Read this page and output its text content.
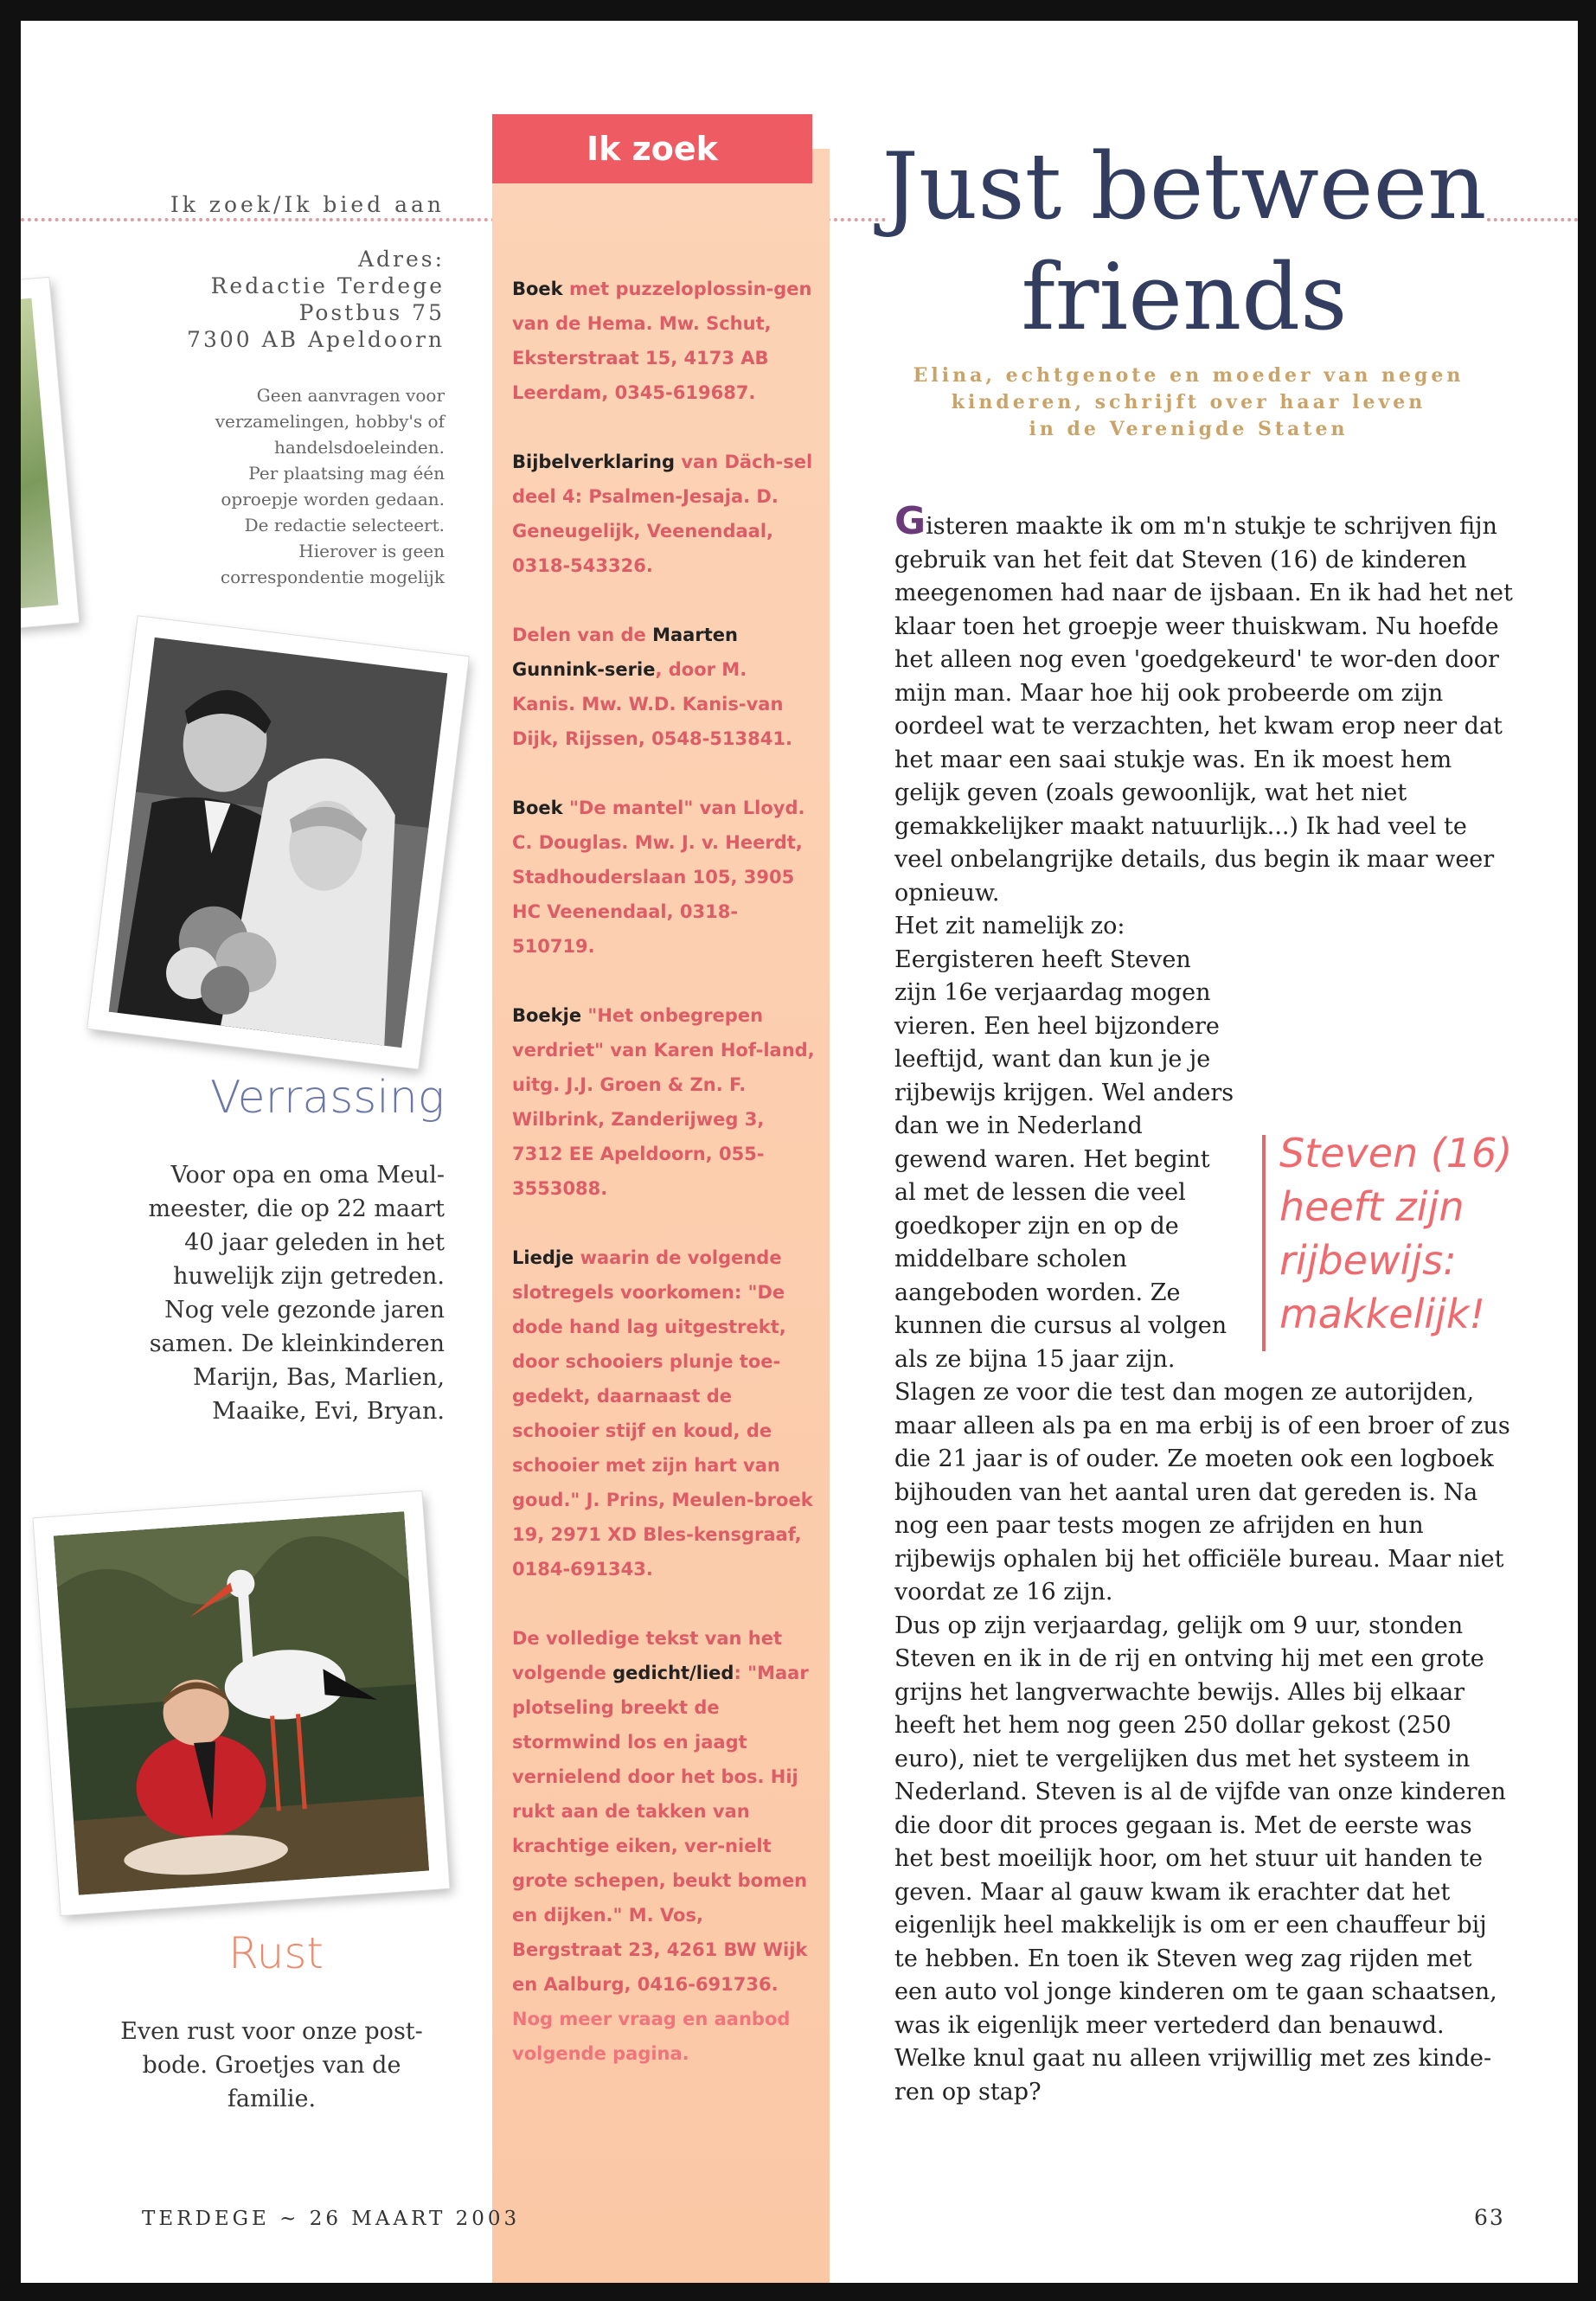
Ik zoek/Ik bied aan
Adres:
Redactie Terdege
Postbus 75
7300 AB Apeldoorn
Geen aanvragen voor
verzamelingen, hobby's of
handelsdoeleinden.
Per plaatsing mag één
oproepje worden gedaan.
De redactie selecteert.
Hierover is geen
correspondentie mogelijk
Verrassing
Voor opa en oma Meul-
meester, die op 22 maart
40 jaar geleden in het
huwelijk zijn getreden.
Nog vele gezonde jaren
samen. De kleinkinderen
Marijn, Bas, Marlien,
Maaike, Evi, Bryan.
Rust
Even rust voor onze post-
bode. Groetjes van de
familie.
Ik zoek
Boek met puzzeloplossin-gen van de Hema. Mw. Schut, Eksterstraat 15, 4173 AB Leerdam, 0345-619687.
Bijbelverklaring van Däch-sel deel 4: Psalmen-Jesaja. D. Geneugelijk, Veenendaal, 0318-543326.
Delen van de Maarten Gunnink-serie, door M. Kanis. Mw. W.D. Kanis-van Dijk, Rijssen, 0548-513841.
Boek "De mantel" van Lloyd. C. Douglas. Mw. J. v. Heerdt, Stadhouderslaan 105, 3905 HC Veenendaal, 0318-510719.
Boekje "Het onbegrepen verdriet" van Karen Hof-land, uitg. J.J. Groen & Zn. F. Wilbrink, Zanderijweg 3, 7312 EE Apeldoorn, 055-3553088.
Liedje waarin de volgende slotregels voorkomen: "De dode hand lag uitgestrekt, door schooiers plunje toe-gedekt, daarnaast de schooier stijf en koud, de schooier met zijn hart van goud." J. Prins, Meulen-broek 19, 2971 XD Bles-kensgraaf, 0184-691343.
De volledige tekst van het volgende gedicht/lied: "Maar plotseling breekt de stormwind los en jaagt vernielend door het bos. Hij rukt aan de takken van krachtige eiken, ver-nielt grote schepen, beukt bomen en dijken." M. Vos, Bergstraat 23, 4261 BW Wijk en Aalburg, 0416-691736.
Nog meer vraag en aanbod volgende pagina.
Just between
friends
Elina, echtgenote en moeder van negen
kinderen, schrijft over haar leven
in de Verenigde Staten

Gisteren maakte ik om m'n stukje te schrijven fijn gebruik van het feit dat Steven (16) de kinderen meegenomen had naar de ijsbaan. En ik had het net klaar toen het groepje weer thuiskwam. Nu hoefde het alleen nog even 'goedgekeurd' te wor-den door mijn man. Maar hoe hij ook probeerde om zijn oordeel wat te verzachten, het kwam erop neer dat het maar een saai stukje was. En ik moest hem gelijk geven (zoals gewoonlijk, wat het niet gemakkelijker maakt natuurlijk...) Ik had veel te veel onbelangrijke details, dus begin ik maar weer opnieuw.

Steven (16)
heeft zijn
rijbewijs:
makkelijk!

Het zit namelijk zo: Eergisteren heeft Steven zijn 16e verjaardag mogen vieren. Een heel bijzondere leeftijd, want dan kun je je rijbewijs krijgen. Wel anders dan we in Nederland gewend waren. Het begint al met de lessen die veel goedkoper zijn en op de middelbare scholen aangeboden worden. Ze kunnen die cursus al volgen als ze bijna 15 jaar zijn. Slagen ze voor die test dan mogen ze autorijden, maar alleen als pa en ma erbij is of een broer of zus die 21 jaar is of ouder. Ze moeten ook een logboek bijhouden van het aantal uren dat gereden is. Na nog een paar tests mogen ze afrijden en hun rijbewijs ophalen bij het officiële bureau. Maar niet voordat ze 16 zijn.

Dus op zijn verjaardag, gelijk om 9 uur, stonden Steven en ik in de rij en ontving hij met een grote grijns het langverwachte bewijs. Alles bij elkaar heeft het hem nog geen 250 dollar gekost (250 euro), niet te vergelijken dus met het systeem in Nederland. Steven is al de vijfde van onze kinderen die door dit proces gegaan is. Met de eerste was het best moeilijk hoor, om het stuur uit handen te geven. Maar al gauw kwam ik erachter dat het eigenlijk heel makkelijk is om er een chauffeur bij te hebben. En toen ik Steven weg zag rijden met een auto vol jonge kinderen om te gaan schaatsen, was ik eigenlijk meer vertederd dan benauwd. Welke knul gaat nu alleen vrijwillig met zes kinde-ren op stap?

TERDEGE ~ 26 MAART 2003	63
